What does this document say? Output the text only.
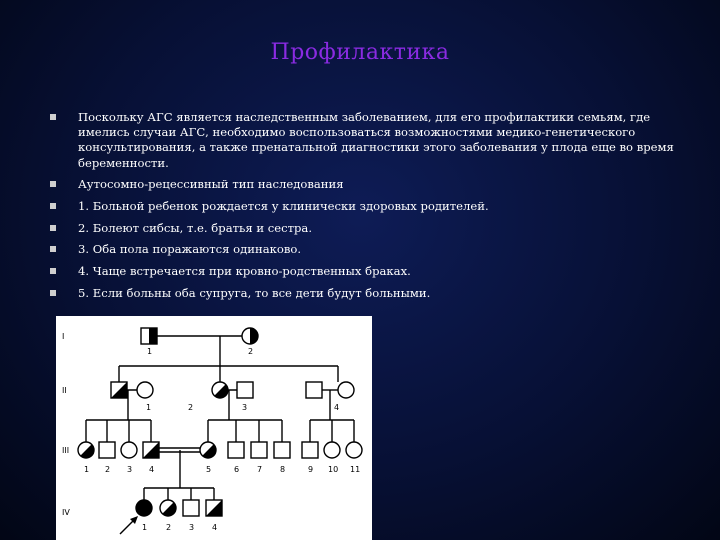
Профилактика
Поскольку АГС является наследственным заболеванием, для его профилактики семьям, где имелись случаи АГС, необходимо воспользоваться возможностями медико-генетического консультирования, а также пренатальной диагностики этого заболевания у плода еще во время беременности.
Аутосомно-рецессивный тип наследования
1. Больной ребенок рождается у клинически здоровых родителей.
2. Болеют сибсы, т.е. братья и сестра.
3. Оба пола поражаются одинаково.
4. Чаще встречается при кровно-родственных браках.
5. Если больны оба супруга, то все дети будут больными.
I
II
III
IV
1	2
1	2	3	4
1 2 3 4	5	6 7 8	9 10 11
1 2 3 4
